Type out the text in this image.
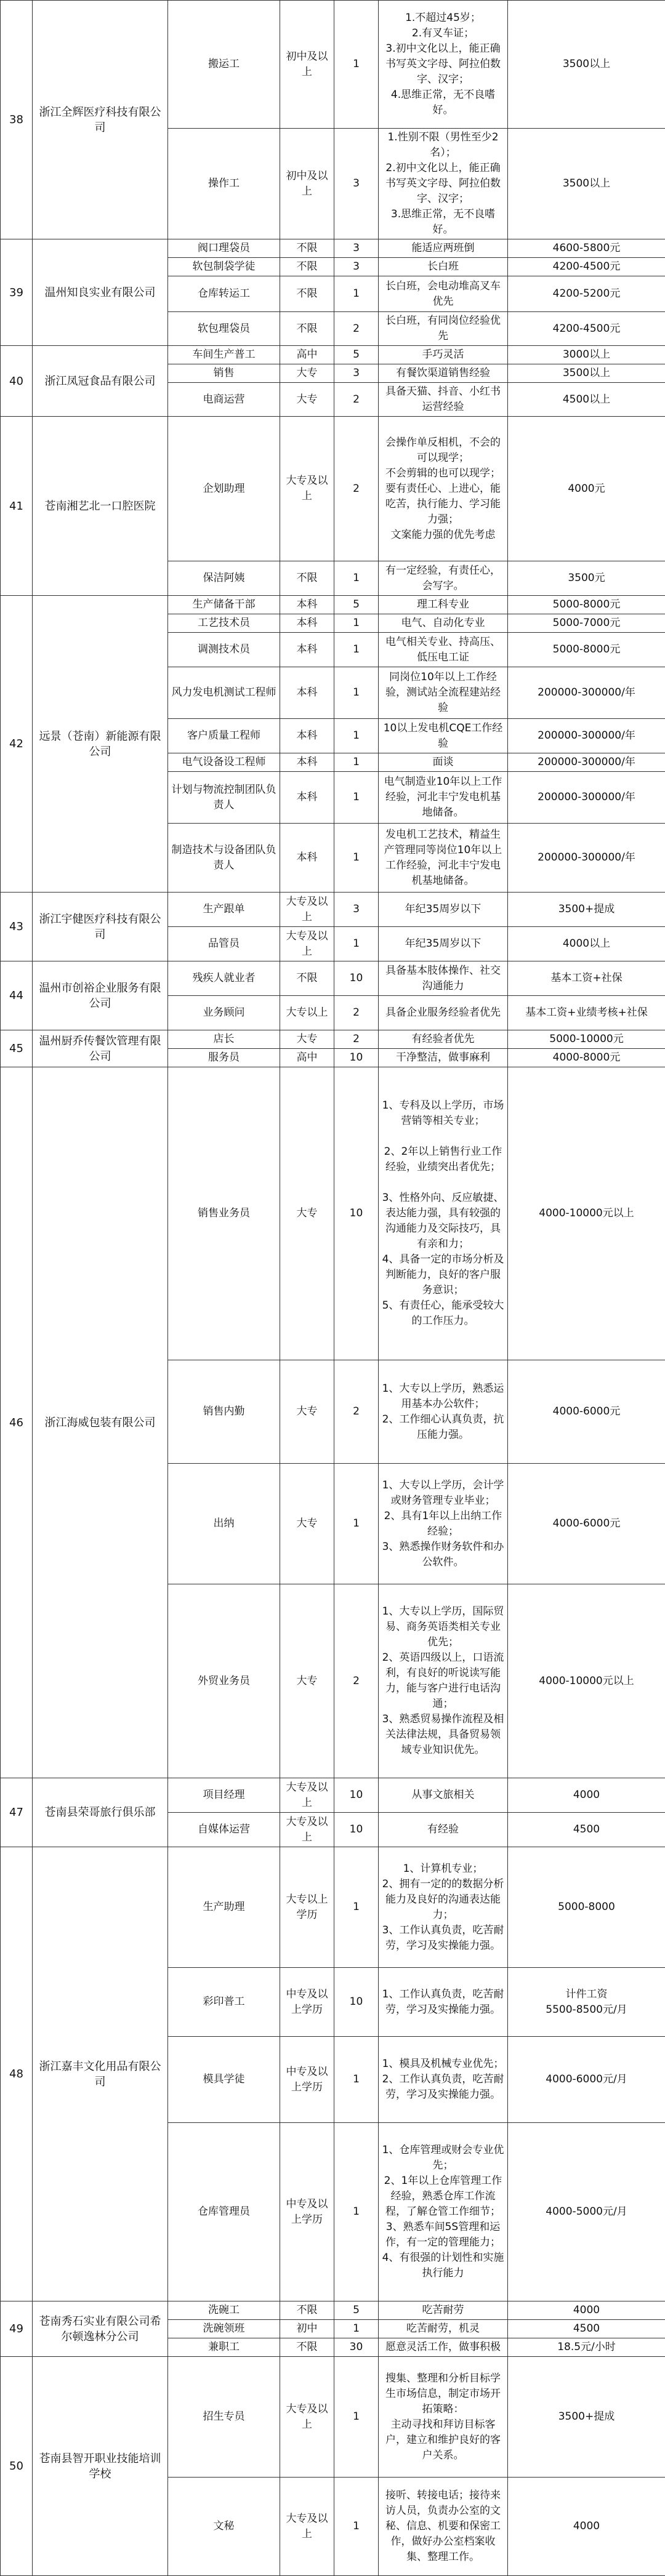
38	浙江全辉医疗科技有限公司	搬运工	初中及以上	1	1.不超过45岁；
2.有叉车证；
3.初中文化以上，能正确书写英文字母、阿拉伯数字、汉字；
4.思维正常，无不良嗜好。	3500以上
		操作工	初中及以上	3	1.性别不限（男性至少2名）；
2.初中文化以上，能正确书写英文字母、阿拉伯数字、汉字；
3.思维正常，无不良嗜好。	3500以上
39	温州知良实业有限公司	阀口理袋员	不限	3	能适应两班倒	4600-5800元
		软包制袋学徒	不限	3	长白班	4200-4500元
		仓库转运工	不限	1	长白班，会电动堆高叉车优先	4200-5200元
		软包理袋员	不限	2	长白班，有同岗位经验优先	4200-4500元
40	浙江凤冠食品有限公司	车间生产普工	高中	5	手巧灵活	3000以上
		销售	大专	3	有餐饮渠道销售经验	3500以上
		电商运营	大专	2	具备天猫、抖音、小红书运营经验	4500以上
41	苍南湘艺北一口腔医院	企划助理	大专及以上	2	会操作单反相机，不会的可以现学；
不会剪辑的也可以现学；
要有责任心、上进心，能吃苦，执行能力、学习能力强；
文案能力强的优先考虑	4000元
		保洁阿姨	不限	1	有一定经验，有责任心，会写字。	3500元
42	远景（苍南）新能源有限公司	生产储备干部	本科	5	理工科专业	5000-8000元
		工艺技术员	本科	1	电气、自动化专业	5000-7000元
		调测技术员	本科	1	电气相关专业、持高压、低压电工证	5000-8000元
		风力发电机测试工程师	本科	1	同岗位10年以上工作经验，测试站全流程建站经验	200000-300000/年
		客户质量工程师	本科	1	10以上发电机CQE工作经验	200000-300000/年
		电气设备设工程师	本科	1	面谈	200000-300000/年
		计划与物流控制团队负责人	本科	1	电气制造业10年以上工作经验，河北丰宁发电机基地储备。	200000-300000/年
		制造技术与设备团队负责人	本科	1	发电机工艺技术，精益生产管理同等岗位10年以上工作经验，河北丰宁发电机基地储备。	200000-300000/年
43	浙江宇健医疗科技有限公司	生产跟单	大专及以上	3	年纪35周岁以下	3500+提成
		品管员	大专及以上	1	年纪35周岁以下	4000以上
44	温州市创裕企业服务有限公司	残疾人就业者	不限	10	具备基本肢体操作、社交沟通能力	基本工资+社保
		业务顾问	大专以上	2	具备企业服务经验者优先	基本工资+业绩考核+社保
45	温州厨乔传餐饮管理有限公司	店长	大专	2	有经验者优先	5000-10000元
		服务员	高中	10	干净整洁，做事麻利	4000-8000元
46	浙江海威包装有限公司	销售业务员	大专	10	1、专科及以上学历，市场营销等相关专业；

2、2年以上销售行业工作经验，业绩突出者优先；

3、性格外向、反应敏捷、表达能力强，具有较强的沟通能力及交际技巧，具有亲和力；
4、具备一定的市场分析及判断能力，良好的客户服务意识；
5、有责任心，能承受较大的工作压力。	4000-10000元以上
		销售内勤	大专	2	1、大专以上学历，熟悉运用基本办公软件；
2、工作细心认真负责，抗压能力强。	4000-6000元
		出纳	大专	1	1、大专以上学历，会计学或财务管理专业毕业；
2、具有1年以上出纳工作经验；
3、熟悉操作财务软件和办公软件。	4000-6000元
		外贸业务员	大专	2	1、大专以上学历，国际贸易、商务英语类相关专业优先；
2、英语四级以上，口语流利，有良好的听说读写能力，能与客户进行电话沟通；
3、熟悉贸易操作流程及相关法律法规，具备贸易领域专业知识优先。	4000-10000元以上
47	苍南县荣哥旅行俱乐部	项目经理	大专及以上	10	从事文旅相关	4000
		自媒体运营	大专及以上	10	有经验	4500
48	浙江嘉丰文化用品有限公司	生产助理	大专以上学历	1	1、计算机专业；
2、拥有一定的的数据分析能力及良好的沟通表达能力；
3、工作认真负责，吃苦耐劳，学习及实操能力强。	5000-8000
		彩印普工	中专及以上学历	10	1、工作认真负责，吃苦耐劳，学习及实操能力强。	计件工资
5500-8500元/月
		模具学徒	中专及以上学历	1	1、模具及机械专业优先；
2、工作认真负责，吃苦耐劳，学习及实操能力强。	4000-6000元/月
		仓库管理员	中专及以上学历	1	1、仓库管理或财会专业优先；
2、1年以上仓库管理工作经验，熟悉仓库工作流程，了解仓管工作细节；
3、熟悉车间5S管理和运作，有一定的管理能力；
4、有很强的计划性和实施执行能力	4000-5000元/月
49	苍南秀石实业有限公司希尔顿逸林分公司	洗碗工	不限	5	吃苦耐劳	4000
		洗碗领班	初中	1	吃苦耐劳，机灵	4500
		兼职工	不限	30	愿意灵活工作，做事积极	18.5元/小时
50	苍南县智开职业技能培训学校	招生专员	大专及以上	1	搜集、整理和分析目标学生市场信息，制定市场开拓策略：
主动寻找和拜访目标客户，建立和维护良好的客户关系。	3500+提成
		文秘	大专及以上	1	接听、转接电话；接待来访人员，负责办公室的文秘、信息、机要和保密工作，做好办公室档案收集、整理工作。	4000
